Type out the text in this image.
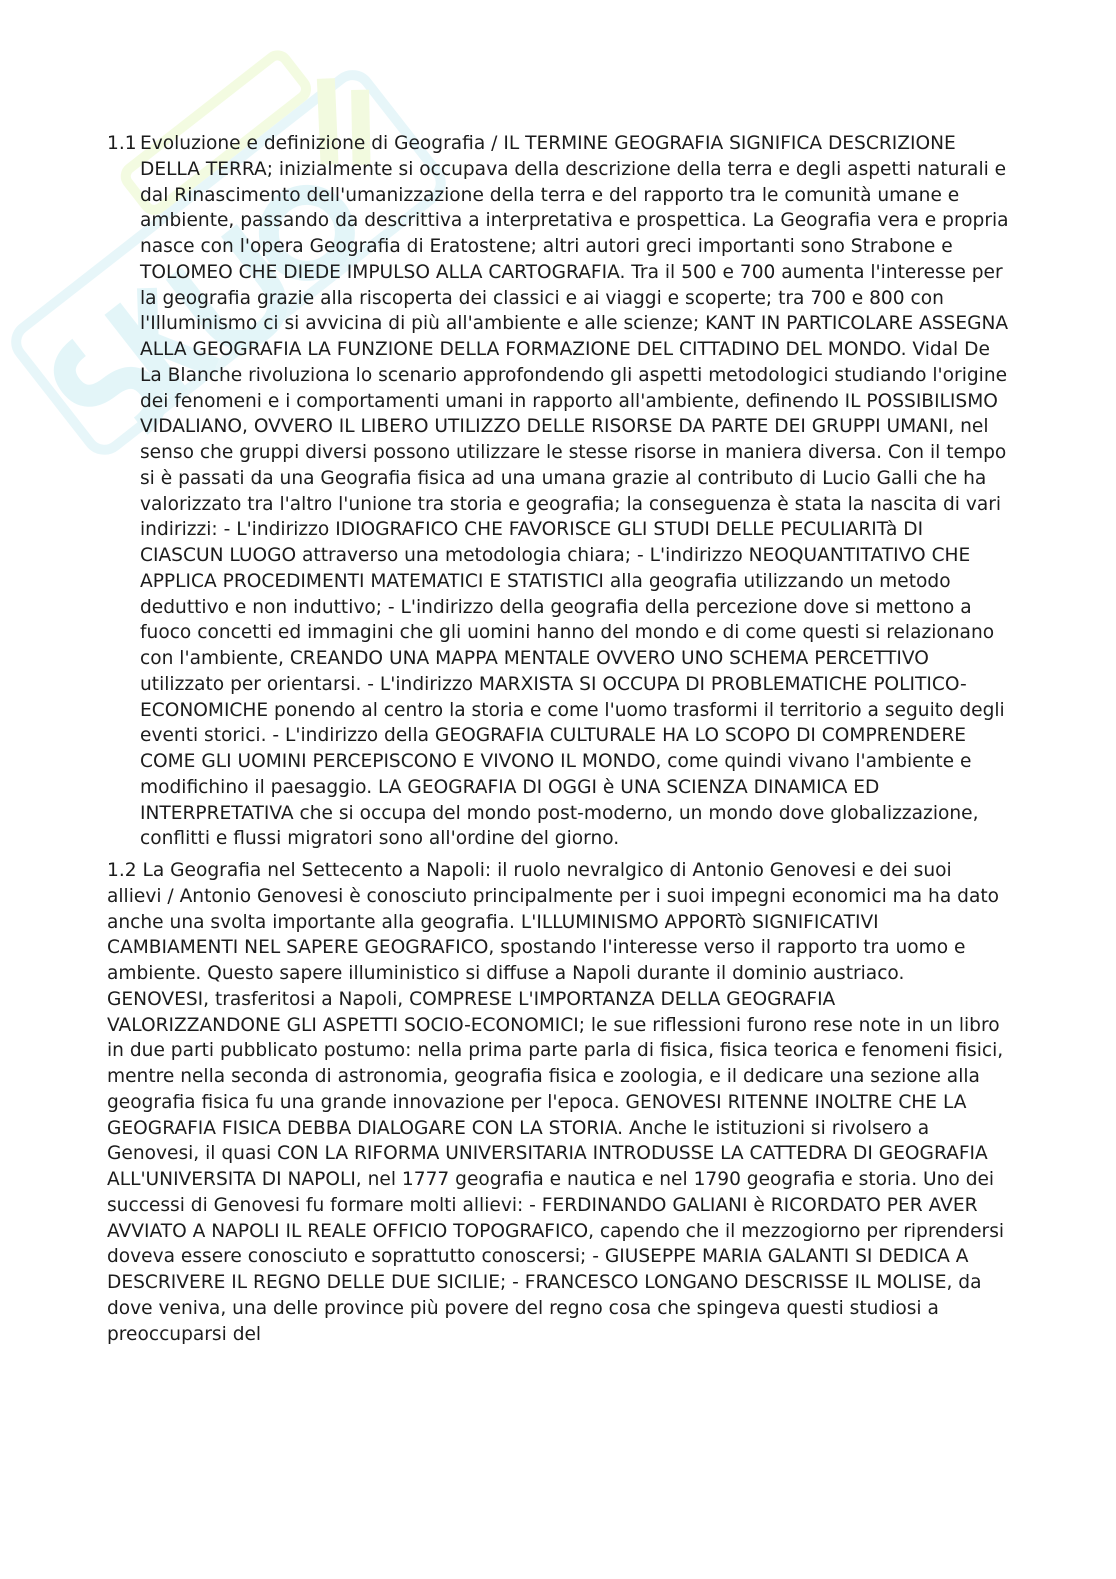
1.1 Evoluzione e definizione di Geografia / IL TERMINE GEOGRAFIA SIGNIFICA DESCRIZIONE DELLA TERRA; inizialmente si occupava della descrizione della terra e degli aspetti naturali e dal Rinascimento dell'umanizzazione della terra e del rapporto tra le comunità umane e ambiente, passando da descrittiva a interpretativa e prospettica. La Geografia vera e propria nasce con l'opera Geografia di Eratostene; altri autori greci importanti sono Strabone e TOLOMEO CHE DIEDE IMPULSO ALLA CARTOGRAFIA. Tra il 500 e 700 aumenta l'interesse per la geografia grazie alla riscoperta dei classici e ai viaggi e scoperte; tra 700 e 800 con l'Illuminismo ci si avvicina di più all'ambiente e alle scienze; KANT IN PARTICOLARE ASSEGNA ALLA GEOGRAFIA LA FUNZIONE DELLA FORMAZIONE DEL CITTADINO DEL MONDO. Vidal De La Blanche rivoluziona lo scenario approfondendo gli aspetti metodologici studiando l'origine dei fenomeni e i comportamenti umani in rapporto all'ambiente, definendo IL POSSIBILISMO VIDALIANO, OVVERO IL LIBERO UTILIZZO DELLE RISORSE DA PARTE DEI GRUPPI UMANI, nel senso che gruppi diversi possono utilizzare le stesse risorse in maniera diversa. Con il tempo si è passati da una Geografia fisica ad una umana grazie al contributo di Lucio Galli che ha valorizzato tra l'altro l'unione tra storia e geografia; la conseguenza è stata la nascita di vari indirizzi: - L'indirizzo IDIOGRAFICO CHE FAVORISCE GLI STUDI DELLE PECULIARITà DI CIASCUN LUOGO attraverso una metodologia chiara; - L'indirizzo NEOQUANTITATIVO CHE APPLICA PROCEDIMENTI MATEMATICI E STATISTICI alla geografia utilizzando un metodo deduttivo e non induttivo; - L'indirizzo della geografia della percezione dove si mettono a fuoco concetti ed immagini che gli uomini hanno del mondo e di come questi si relazionano con l'ambiente, CREANDO UNA MAPPA MENTALE OVVERO UNO SCHEMA PERCETTIVO utilizzato per orientarsi. - L'indirizzo MARXISTA SI OCCUPA DI PROBLEMATICHE POLITICO-ECONOMICHE ponendo al centro la storia e come l'uomo trasformi il territorio a seguito degli eventi storici. - L'indirizzo della GEOGRAFIA CULTURALE HA LO SCOPO DI COMPRENDERE COME GLI UOMINI PERCEPISCONO E VIVONO IL MONDO, come quindi vivano l'ambiente e modifichino il paesaggio. LA GEOGRAFIA DI OGGI è UNA SCIENZA DINAMICA ED INTERPRETATIVA che si occupa del mondo post-moderno, un mondo dove globalizzazione, conflitti e flussi migratori sono all'ordine del giorno.

1.2 La Geografia nel Settecento a Napoli: il ruolo nevralgico di Antonio Genovesi e dei suoi allievi / Antonio Genovesi è conosciuto principalmente per i suoi impegni economici ma ha dato anche una svolta importante alla geografia. L'ILLUMINISMO APPORTò SIGNIFICATIVI CAMBIAMENTI NEL SAPERE GEOGRAFICO, spostando l'interesse verso il rapporto tra uomo e ambiente. Questo sapere illuministico si diffuse a Napoli durante il dominio austriaco. GENOVESI, trasferitosi a Napoli, COMPRESE L'IMPORTANZA DELLA GEOGRAFIA VALORIZZANDONE GLI ASPETTI SOCIO-ECONOMICI; le sue riflessioni furono rese note in un libro in due parti pubblicato postumo: nella prima parte parla di fisica, fisica teorica e fenomeni fisici, mentre nella seconda di astronomia, geografia fisica e zoologia, e il dedicare una sezione alla geografia fisica fu una grande innovazione per l'epoca. GENOVESI RITENNE INOLTRE CHE LA GEOGRAFIA FISICA DEBBA DIALOGARE CON LA STORIA. Anche le istituzioni si rivolsero a Genovesi, il quasi CON LA RIFORMA UNIVERSITARIA INTRODUSSE LA CATTEDRA DI GEOGRAFIA ALL'UNIVERSITA DI NAPOLI, nel 1777 geografia e nautica e nel 1790 geografia e storia. Uno dei successi di Genovesi fu formare molti allievi: - FERDINANDO GALIANI è RICORDATO PER AVER AVVIATO A NAPOLI IL REALE OFFICIO TOPOGRAFICO, capendo che il mezzogiorno per riprendersi doveva essere conosciuto e soprattutto conoscersi; - GIUSEPPE MARIA GALANTI SI DEDICA A DESCRIVERE IL REGNO DELLE DUE SICILIE; - FRANCESCO LONGANO DESCRISSE IL MOLISE, da dove veniva, una delle province più povere del regno cosa che spingeva questi studiosi a preoccuparsi del
